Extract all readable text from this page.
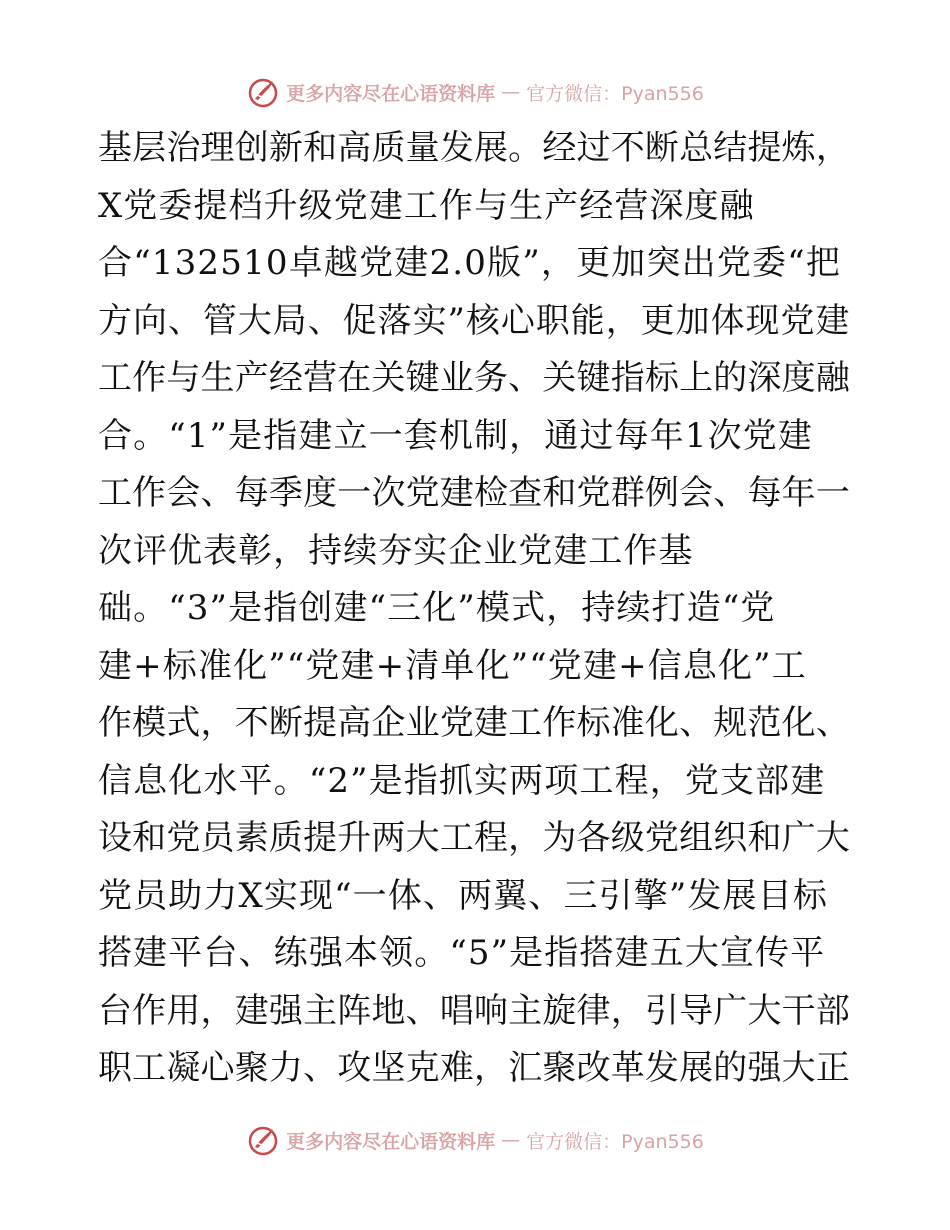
更多内容尽在心语资料库 — 官方微信：Pyan556
基层治理创新和高质量发展。经过不断总结提炼，
X党委提档升级党建工作与生产经营深度融
合“132510卓越党建2.0版”，更加突出党委“把
方向、管大局、促落实”核心职能，更加体现党建
工作与生产经营在关键业务、关键指标上的深度融
合。“1”是指建立一套机制，通过每年1次党建
工作会、每季度一次党建检查和党群例会、每年一
次评优表彰，持续夯实企业党建工作基
础。“3”是指创建“三化”模式，持续打造“党
建+标准化”“党建+清单化”“党建+信息化”工
作模式，不断提高企业党建工作标准化、规范化、
信息化水平。“2”是指抓实两项工程，党支部建
设和党员素质提升两大工程，为各级党组织和广大
党员助力X实现“一体、两翼、三引擎”发展目标
搭建平台、练强本领。“5”是指搭建五大宣传平
台作用，建强主阵地、唱响主旋律，引导广大干部
职工凝心聚力、攻坚克难，汇聚改革发展的强大正
更多内容尽在心语资料库 — 官方微信：Pyan556
